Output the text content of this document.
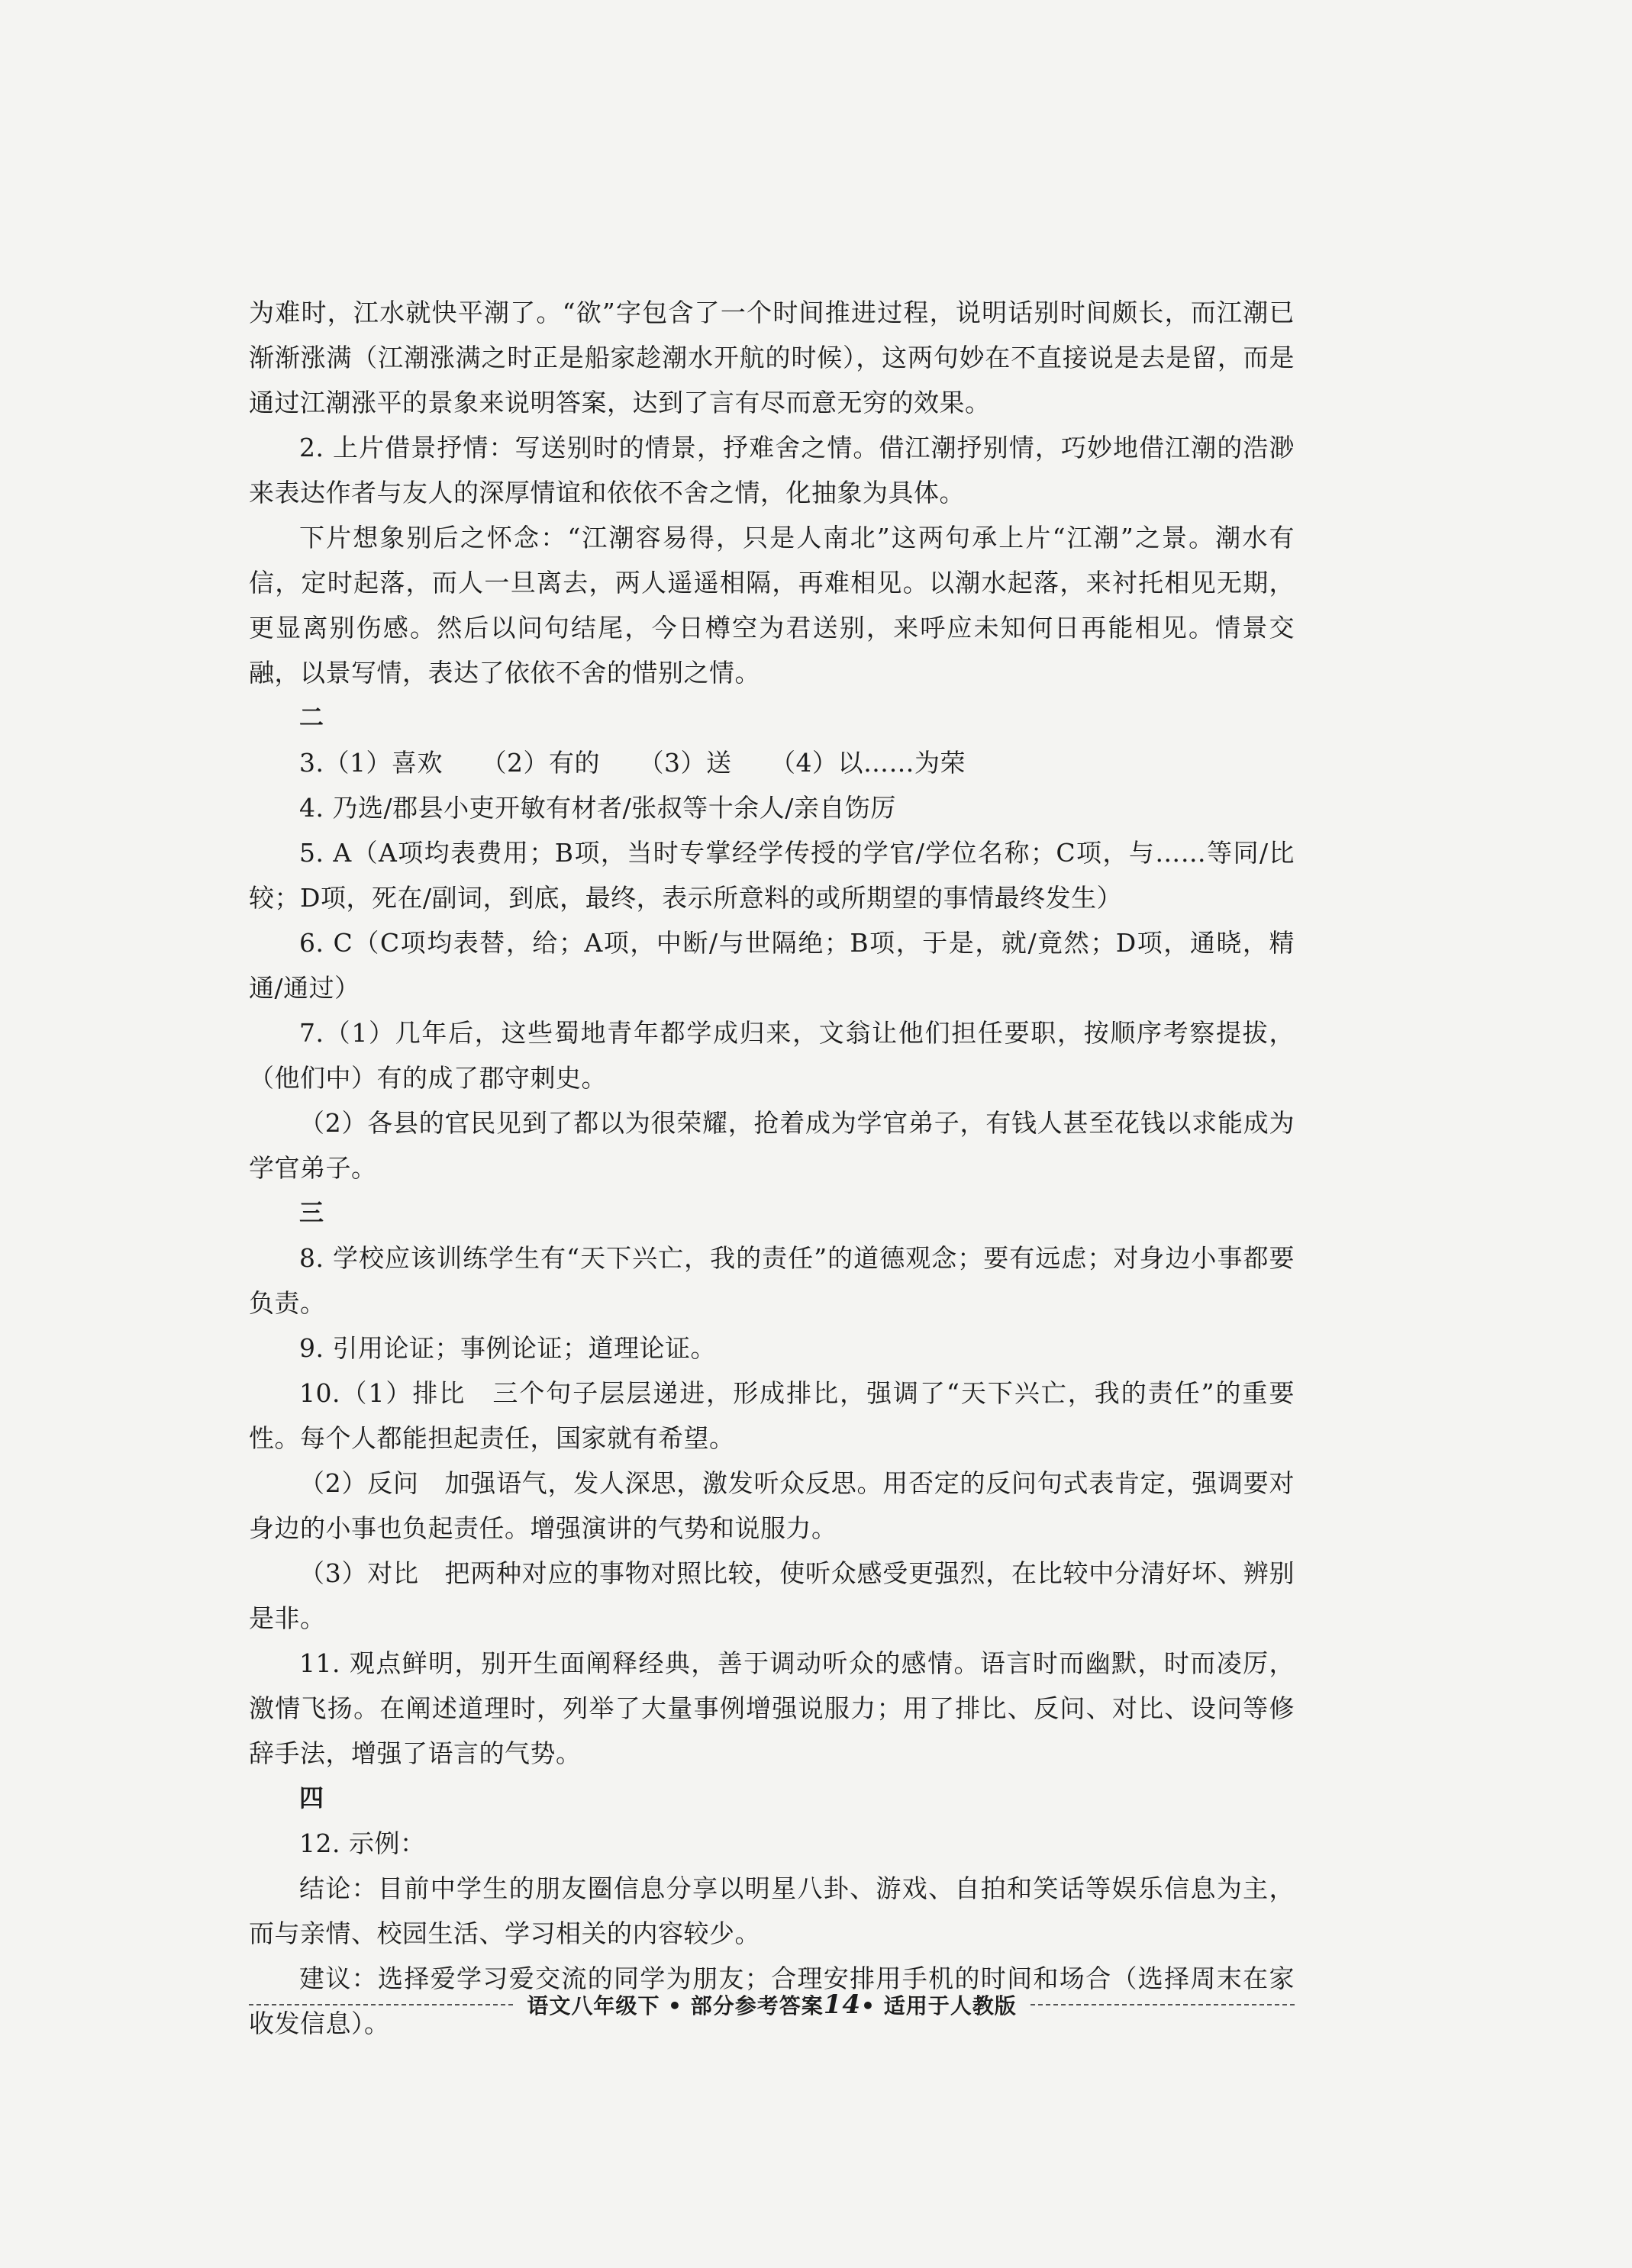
为难时，江水就快平潮了。“欲”字包含了一个时间推进过程，说明话别时间颇长，而江潮已渐渐涨满（江潮涨满之时正是船家趁潮水开航的时候），这两句妙在不直接说是去是留，而是通过江潮涨平的景象来说明答案，达到了言有尽而意无穷的效果。

2. 上片借景抒情：写送别时的情景，抒难舍之情。借江潮抒别情，巧妙地借江潮的浩渺来表达作者与友人的深厚情谊和依依不舍之情，化抽象为具体。

下片想象别后之怀念：“江潮容易得，只是人南北”这两句承上片“江潮”之景。潮水有信，定时起落，而人一旦离去，两人遥遥相隔，再难相见。以潮水起落，来衬托相见无期，更显离别伤感。然后以问句结尾，今日樽空为君送别，来呼应未知何日再能相见。情景交融，以景写情，表达了依依不舍的惜别之情。

二

3.（1）喜欢　　（2）有的　　（3）送　　（4）以……为荣

4. 乃选/郡县小吏开敏有材者/张叔等十余人/亲自饬厉

5. A（A项均表费用；B项，当时专掌经学传授的学官/学位名称；C项，与……等同/比较；D项，死在/副词，到底，最终，表示所意料的或所期望的事情最终发生）

6. C（C项均表替，给；A项，中断/与世隔绝；B项，于是，就/竟然；D项，通晓，精通/通过）

7.（1）几年后，这些蜀地青年都学成归来，文翁让他们担任要职，按顺序考察提拔，（他们中）有的成了郡守刺史。

（2）各县的官民见到了都以为很荣耀，抢着成为学官弟子，有钱人甚至花钱以求能成为学官弟子。

三

8. 学校应该训练学生有“天下兴亡，我的责任”的道德观念；要有远虑；对身边小事都要负责。

9. 引用论证；事例论证；道理论证。

10.（1）排比　三个句子层层递进，形成排比，强调了“天下兴亡，我的责任”的重要性。每个人都能担起责任，国家就有希望。

（2）反问　加强语气，发人深思，激发听众反思。用否定的反问句式表肯定，强调要对身边的小事也负起责任。增强演讲的气势和说服力。

（3）对比　把两种对应的事物对照比较，使听众感受更强烈，在比较中分清好坏、辨别是非。

11. 观点鲜明，别开生面阐释经典，善于调动听众的感情。语言时而幽默，时而凌厉，激情飞扬。在阐述道理时，列举了大量事例增强说服力；用了排比、反问、对比、设问等修辞手法，增强了语言的气势。

四

12. 示例：

结论：目前中学生的朋友圈信息分享以明星八卦、游戏、自拍和笑话等娱乐信息为主，而与亲情、校园生活、学习相关的内容较少。

建议：选择爱学习爱交流的同学为朋友；合理安排用手机的时间和场合（选择周末在家收发信息）。

语文八年级下 • 部分参考答案14• 适用于人教版
